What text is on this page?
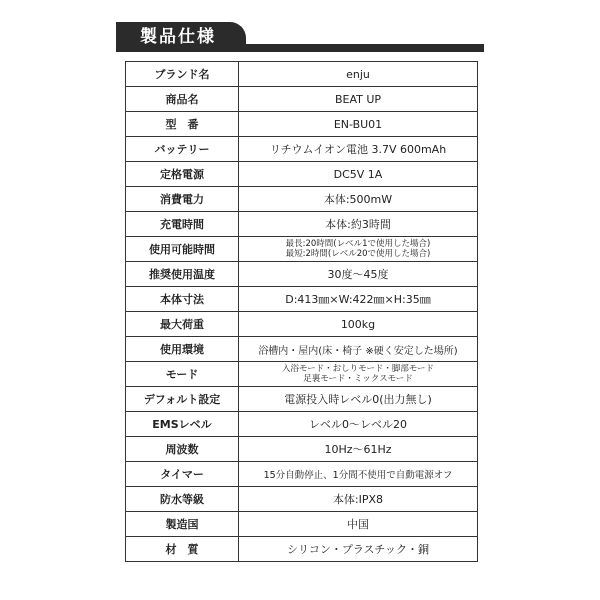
製品仕様
ブランド名	enju
商品名	BEAT UP
型　番	EN-BU01
バッテリー	リチウムイオン電池 3.7V 600mAh
定格電源	DC5V 1A
消費電力	本体:500mW
充電時間	本体:約3時間
使用可能時間	最長:20時間(レベル1で使用した場合)
最短:2時間(レベル20で使用した場合)

推奨使用温度	30度〜45度
本体寸法	D:413㎜×W:422㎜×H:35㎜
最大荷重	100kg
使用環境	浴槽内・屋内(床・椅子 ※硬く安定した場所)
モード	入浴モード・おしりモード・脚部モード
足裏モード・ミックスモード

デフォルト設定	電源投入時レベル0(出力無し)
EMSレベル	レベル0〜レベル20
周波数	10Hz〜61Hz
タイマー	15分自動停止、1分間不使用で自動電源オフ
防水等級	本体:IPX8
製造国	中国
材　質	シリコン・プラスチック・銅
